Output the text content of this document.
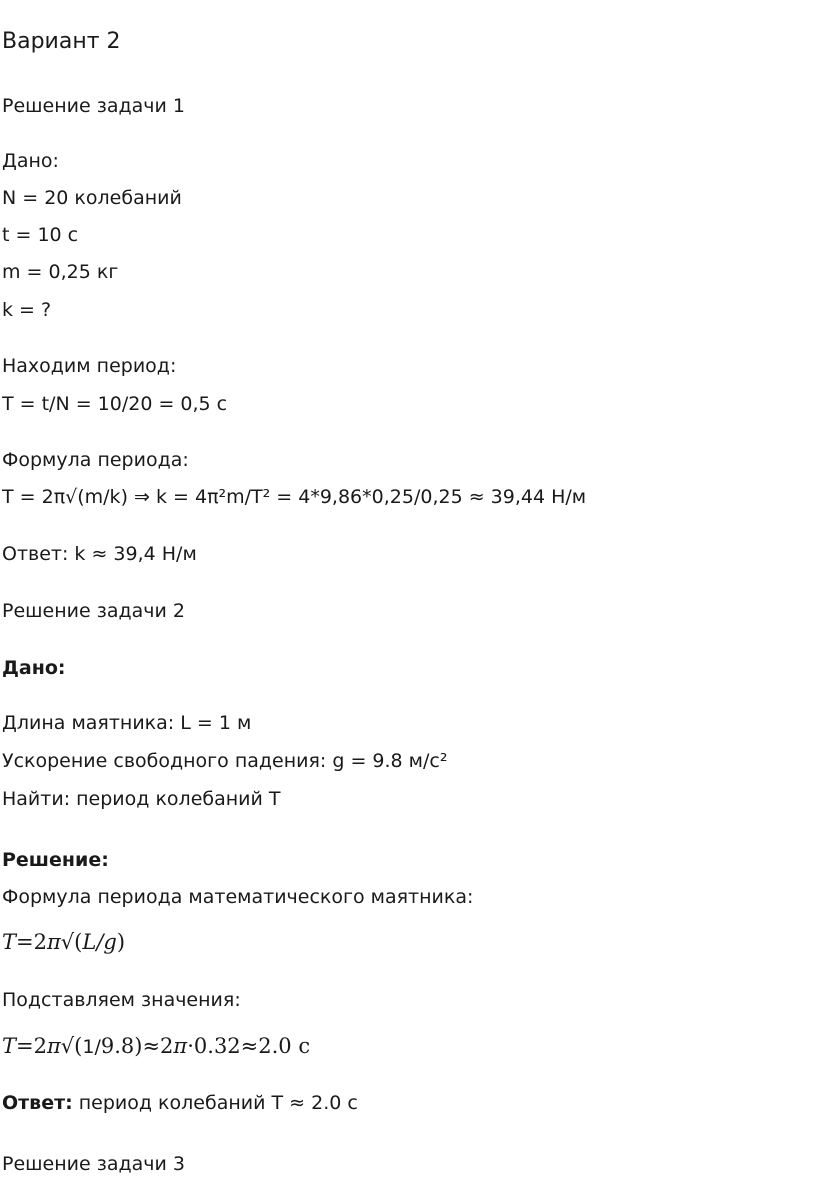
Вариант 2
Решение задачи 1
Дано:
N = 20 колебаний
t = 10 с
m = 0,25 кг
k = ?
Находим период:
T = t/N = 10/20 = 0,5 с
Формула периода:
T = 2π√(m/k) ⇒ k = 4π²m/T² = 4*9,86*0,25/0,25 ≈ 39,44 Н/м
Ответ: k ≈ 39,4 Н/м
Решение задачи 2
Дано:
Длина маятника: L = 1 м
Ускорение свободного падения: g = 9.8 м/с²
Найти: период колебаний T
Решение:
Формула периода математического маятника:
T=2π√(L/g)
Подставляем значения:
T=2π√(1/9.8)≈2π·0.32≈2.0 с
Ответ: период колебаний T ≈ 2.0 с
Решение задачи 3
